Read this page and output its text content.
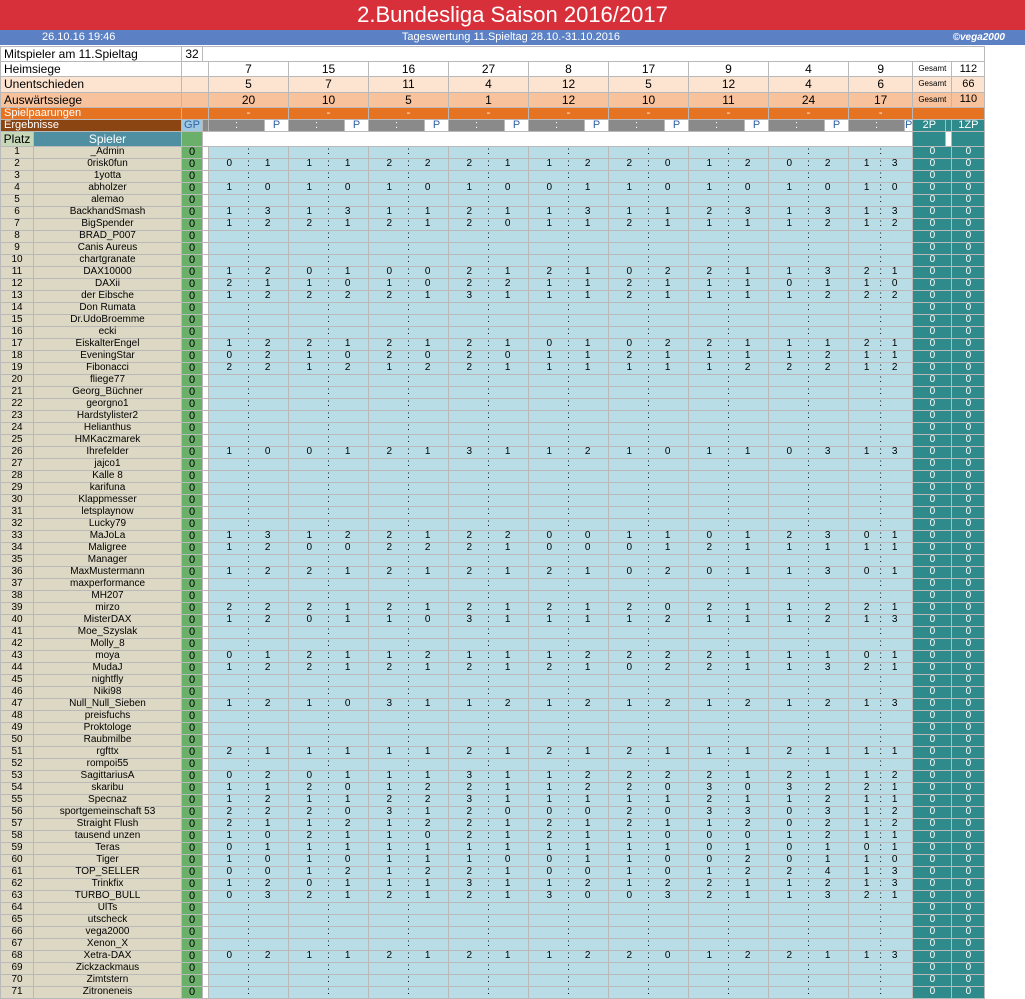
2.Bundesliga Saison 2016/2017
26.10.16 19:46	Tageswertung 11.Spieltag 28.10.-31.10.2016	©vega2000
Mitspieler am 11.Spieltag		32																						
Heimsiege				7		15		16		27		8		17		9		4		9		Gesamt		112
Unentschieden				5		7		11		4		12		5		12		4		6		Gesamt		66
Auswärtssiege				20		10		5		1		12		10		11		24		17		Gesamt		110
Spielpaarungen				-		-		-		-		-		-		-		-		-				
Ergebnisse		GP		:	P	:	P	:	P	:	P	:	P	:	P	:	P	:	P	:	P	2P		1ZP
Platz	Spieler																							
1	_Admin	0		:		:		:		:		:		:		:		:		:		0		0
2	0risk0fun	0		0 : 1		1 : 1		2 : 2		2 : 1		1 : 2		2 : 0		1 : 2		0 : 2		1 : 3		0		0
3	1yotta	0		:		:		:		:		:		:		:		:		:		0		0
4	abholzer	0		1 : 0		1 : 0		1 : 0		1 : 0		0 : 1		1 : 0		1 : 0		1 : 0		1 : 0		0		0
5	alemao	0		:		:		:		:		:		:		:		:		:		0		0
6	BackhandSmash	0		1 : 3		1 : 3		1 : 1		2 : 1		1 : 3		1 : 1		2 : 3		1 : 3		1 : 3		0		0
7	BigSpender	0		1 : 2		2 : 1		2 : 1		2 : 0		1 : 1		2 : 1		1 : 1		1 : 2		1 : 2		0		0
8	BRAD_P007	0		:		:		:		:		:		:		:		:		:		0		0
9	Canis Aureus	0		:		:		:		:		:		:		:		:		:		0		0
10	chartgranate	0		:		:		:		:		:		:		:		:		:		0		0
11	DAX10000	0		1 : 2		0 : 1		0 : 0		2 : 1		2 : 1		0 : 2		2 : 1		1 : 3		2 : 1		0		0
12	DAXii	0		2 : 1		1 : 0		1 : 0		2 : 2		1 : 1		2 : 1		1 : 1		0 : 1		1 : 0		0		0
13	der Eibsche	0		1 : 2		2 : 2		2 : 1		3 : 1		1 : 1		2 : 1		1 : 1		1 : 2		2 : 2		0		0
14	Don Rumata	0		:		:		:		:		:		:		:		:		:		0		0
15	Dr.UdoBroemme	0		:		:		:		:		:		:		:		:		:		0		0
16	ecki	0		:		:		:		:		:		:		:		:		:		0		0
17	EiskalterEngel	0		1 : 2		2 : 1		2 : 1		2 : 1		0 : 1		0 : 2		2 : 1		1 : 1		2 : 1		0		0
18	EveningStar	0		0 : 2		1 : 0		2 : 0		2 : 0		1 : 1		2 : 1		1 : 1		1 : 2		1 : 1		0		0
19	Fibonacci	0		2 : 2		1 : 2		1 : 2		2 : 1		1 : 1		1 : 1		1 : 2		2 : 2		1 : 2		0		0
20	fliege77	0		:		:		:		:		:		:		:		:		:		0		0
21	Georg_Büchner	0		:		:		:		:		:		:		:		:		:		0		0
22	georgno1	0		:		:		:		:		:		:		:		:		:		0		0
23	Hardstylister2	0		:		:		:		:		:		:		:		:		:		0		0
24	Helianthus	0		:		:		:		:		:		:		:		:		:		0		0
25	HMKaczmarek	0		:		:		:		:		:		:		:		:		:		0		0
26	Ihrefelder	0		1 : 0		0 : 1		2 : 1		3 : 1		1 : 2		1 : 0		1 : 1		0 : 3		1 : 3		0		0
27	jajco1	0		:		:		:		:		:		:		:		:		:		0		0
28	Kalle 8	0		:		:		:		:		:		:		:		:		:		0		0
29	karifuna	0		:		:		:		:		:		:		:		:		:		0		0
30	Klappmesser	0		:		:		:		:		:		:		:		:		:		0		0
31	letsplaynow	0		:		:		:		:		:		:		:		:		:		0		0
32	Lucky79	0		:		:		:		:		:		:		:		:		:		0		0
33	MaJoLa	0		1 : 3		1 : 2		2 : 1		2 : 2		0 : 0		1 : 1		0 : 1		2 : 3		0 : 1		0		0
34	Maligree	0		1 : 2		0 : 0		2 : 2		2 : 1		0 : 0		0 : 1		2 : 1		1 : 1		1 : 1		0		0
35	Manager	0		:		:		:		:		:		:		:		:		:		0		0
36	MaxMustermann	0		1 : 2		2 : 1		2 : 1		2 : 1		2 : 1		0 : 2		0 : 1		1 : 3		0 : 1		0		0
37	maxperformance	0		:		:		:		:		:		:		:		:		:		0		0
38	MH207	0		:		:		:		:		:		:		:		:		:		0		0
39	mirzo	0		2 : 2		2 : 1		2 : 1		2 : 1		2 : 1		2 : 0		2 : 1		1 : 2		2 : 1		0		0
40	MisterDAX	0		1 : 2		0 : 1		1 : 0		3 : 1		1 : 1		1 : 2		1 : 1		1 : 2		1 : 3		0		0
41	Moe_Szyslak	0		:		:		:		:		:		:		:		:		:		0		0
42	Molly_8	0		:		:		:		:		:		:		:		:		:		0		0
43	moya	0		0 : 1		2 : 1		1 : 2		1 : 1		1 : 2		2 : 2		2 : 1		1 : 1		0 : 1		0		0
44	MudaJ	0		1 : 2		2 : 1		2 : 1		2 : 1		2 : 1		0 : 2		2 : 1		1 : 3		2 : 1		0		0
45	nightfly	0		:		:		:		:		:		:		:		:		:		0		0
46	Niki98	0		:		:		:		:		:		:		:		:		:		0		0
47	Null_Null_Sieben	0		1 : 2		1 : 0		3 : 1		1 : 2		1 : 2		1 : 2		1 : 2		1 : 2		1 : 3		0		0
48	preisfuchs	0		:		:		:		:		:		:		:		:		:		0		0
49	Proktologe	0		:		:		:		:		:		:		:		:		:		0		0
50	Raubmilbe	0		:		:		:		:		:		:		:		:		:		0		0
51	rgfttx	0		2 : 1		1 : 1		1 : 1		2 : 1		2 : 1		2 : 1		1 : 1		2 : 1		1 : 1		0		0
52	rompoi55	0		:		:		:		:		:		:		:		:		:		0		0
53	SagittariusA	0		0 : 2		0 : 1		1 : 1		3 : 1		1 : 2		2 : 2		2 : 1		2 : 1		1 : 2		0		0
54	skaribu	0		1 : 1		2 : 0		1 : 2		2 : 1		1 : 2		2 : 0		3 : 0		3 : 2		2 : 1		0		0
55	Specnaz	0		1 : 2		1 : 1		2 : 2		3 : 1		1 : 1		1 : 1		2 : 1		1 : 2		1 : 1		0		0
56	sportgemeinschaft 53	0		2 : 2		2 : 0		3 : 1		2 : 0		0 : 0		2 : 0		3 : 3		0 : 3		1 : 2		0		0
57	Straight Flush	0		2 : 1		1 : 2		1 : 2		2 : 1		2 : 1		2 : 1		1 : 2		0 : 2		1 : 2		0		0
58	tausend unzen	0		1 : 0		2 : 1		1 : 0		2 : 1		2 : 1		1 : 0		0 : 0		1 : 2		1 : 1		0		0
59	Teras	0		0 : 1		1 : 1		1 : 1		1 : 1		1 : 1		1 : 1		0 : 1		0 : 1		0 : 1		0		0
60	Tiger	0		1 : 0		1 : 0		1 : 1		1 : 0		0 : 1		1 : 0		0 : 2		0 : 1		1 : 0		0		0
61	TOP_SELLER	0		0 : 0		1 : 2		1 : 2		2 : 1		0 : 0		1 : 0		1 : 2		2 : 4		1 : 3		0		0
62	Trinkfix	0		1 : 2		0 : 1		1 : 1		3 : 1		1 : 2		1 : 2		2 : 1		1 : 2		1 : 3		0		0
63	TURBO_BULL	0		0 : 3		2 : 1		2 : 1		2 : 1		3 : 0		0 : 3		2 : 1		1 : 3		2 : 1		0		0
64	UlTs	0		:		:		:		:		:		:		:		:		:		0		0
65	utscheck	0		:		:		:		:		:		:		:		:		:		0		0
66	vega2000	0		:		:		:		:		:		:		:		:		:		0		0
67	Xenon_X	0		:		:		:		:		:		:		:		:		:		0		0
68	Xetra-DAX	0		0 : 2		1 : 1		2 : 1		2 : 1		1 : 2		2 : 0		1 : 2		2 : 1		1 : 3		0		0
69	Zickzackmaus	0		:		:		:		:		:		:		:		:		:		0		0
70	Zimtstern	0		:		:		:		:		:		:		:		:		:		0		0
71	Zitroneneis	0		:		:		:		:		:		:		:		:		:		0		0
